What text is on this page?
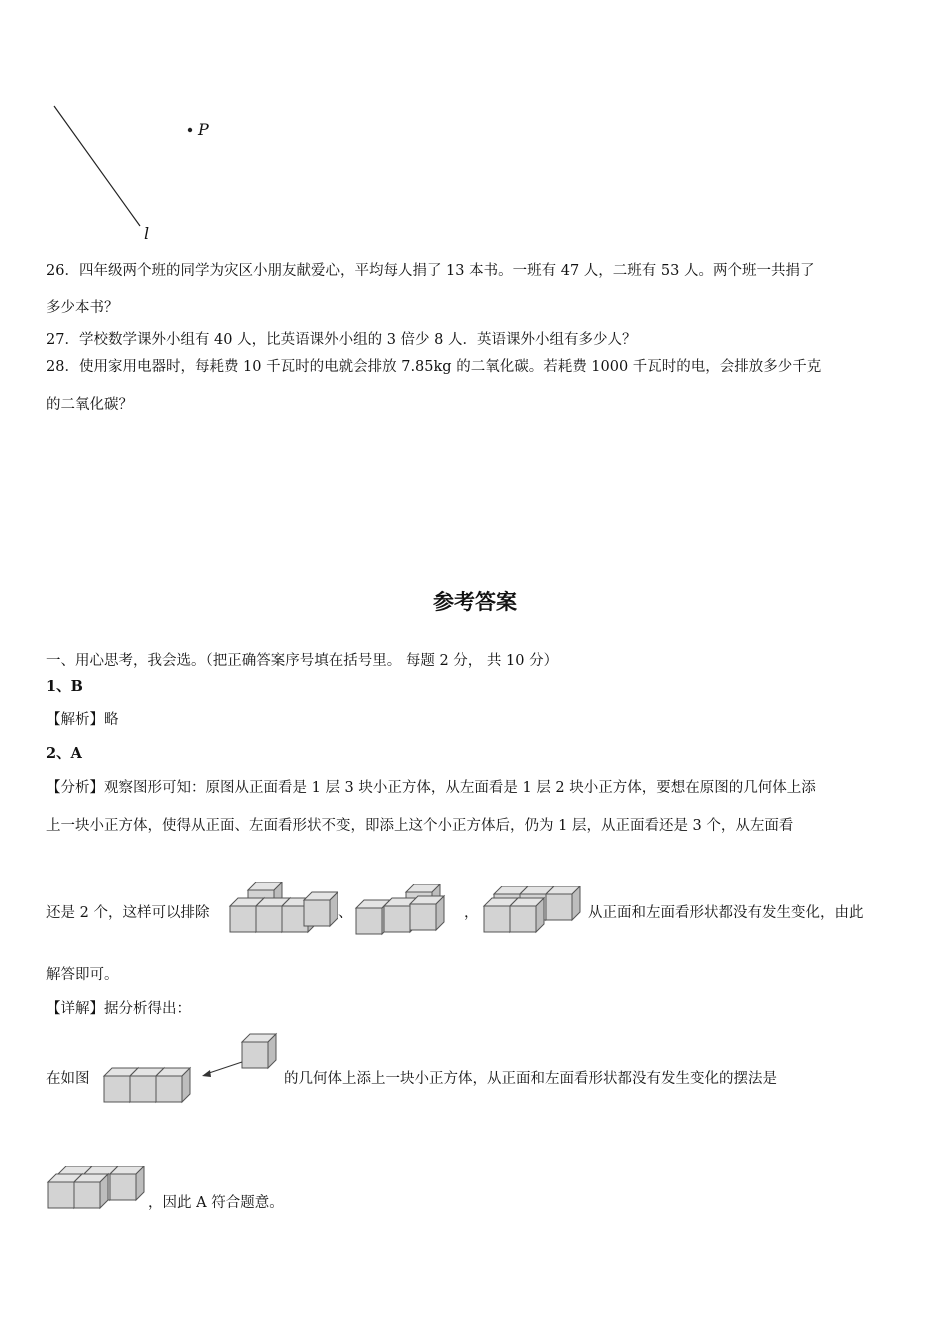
P
l
26．四年级两个班的同学为灾区小朋友献爱心，平均每人捐了 13 本书。一班有 47 人，二班有 53 人。两个班一共捐了
多少本书？
27．学校数学课外小组有 40 人，比英语课外小组的 3 倍少 8 人．英语课外小组有多少人？
28．使用家用电器时，每耗费 10 千瓦时的电就会排放 7.85kg 的二氧化碳。若耗费 1000 千瓦时的电，会排放多少千克
的二氧化碳？
参考答案
一、用心思考，我会选。（把正确答案序号填在括号里。 每题 2 分， 共 10 分）
1、B
【解析】略
2、A
【分析】观察图形可知：原图从正面看是 1 层 3 块小正方体，从左面看是 1 层 2 块小正方体，要想在原图的几何体上添
上一块小正方体，使得从正面、左面看形状不变，即添上这个小正方体后，仍为 1 层，从正面看还是 3 个，从左面看
还是 2 个，这样可以排除	、	，	从正面和左面看形状都没有发生变化，由此
解答即可。
【详解】据分析得出：
在如图	的几何体上添上一块小正方体，从正面和左面看形状都没有发生变化的摆法是
，因此 A 符合题意。
